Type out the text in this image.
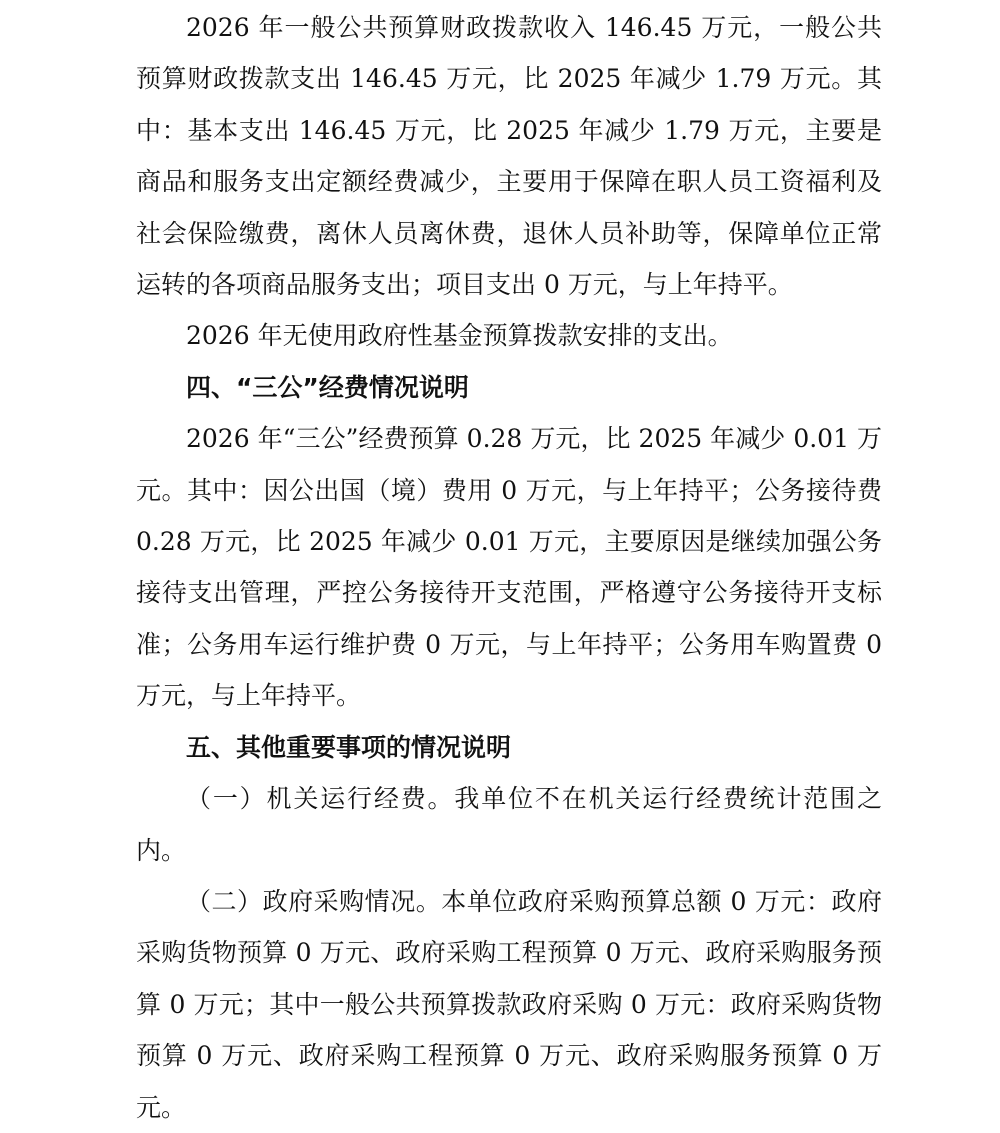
2026 年一般公共预算财政拨款收入 146.45 万元，一般公共预算财政拨款支出 146.45 万元，比 2025 年减少 1.79 万元。其中：基本支出 146.45 万元，比 2025 年减少 1.79 万元，主要是商品和服务支出定额经费减少，主要用于保障在职人员工资福利及社会保险缴费，离休人员离休费，退休人员补助等，保障单位正常运转的各项商品服务支出；项目支出 0 万元，与上年持平。

2026 年无使用政府性基金预算拨款安排的支出。

四、“三公”经费情况说明

2026 年“三公”经费预算 0.28 万元，比 2025 年减少 0.01 万元。其中：因公出国（境）费用 0 万元，与上年持平；公务接待费 0.28 万元，比 2025 年减少 0.01 万元，主要原因是继续加强公务接待支出管理，严控公务接待开支范围，严格遵守公务接待开支标准；公务用车运行维护费 0 万元，与上年持平；公务用车购置费 0 万元，与上年持平。

五、其他重要事项的情况说明

（一）机关运行经费。我单位不在机关运行经费统计范围之内。

（二）政府采购情况。本单位政府采购预算总额 0 万元：政府采购货物预算 0 万元、政府采购工程预算 0 万元、政府采购服务预算 0 万元；其中一般公共预算拨款政府采购 0 万元：政府采购货物预算 0 万元、政府采购工程预算 0 万元、政府采购服务预算 0 万元。
